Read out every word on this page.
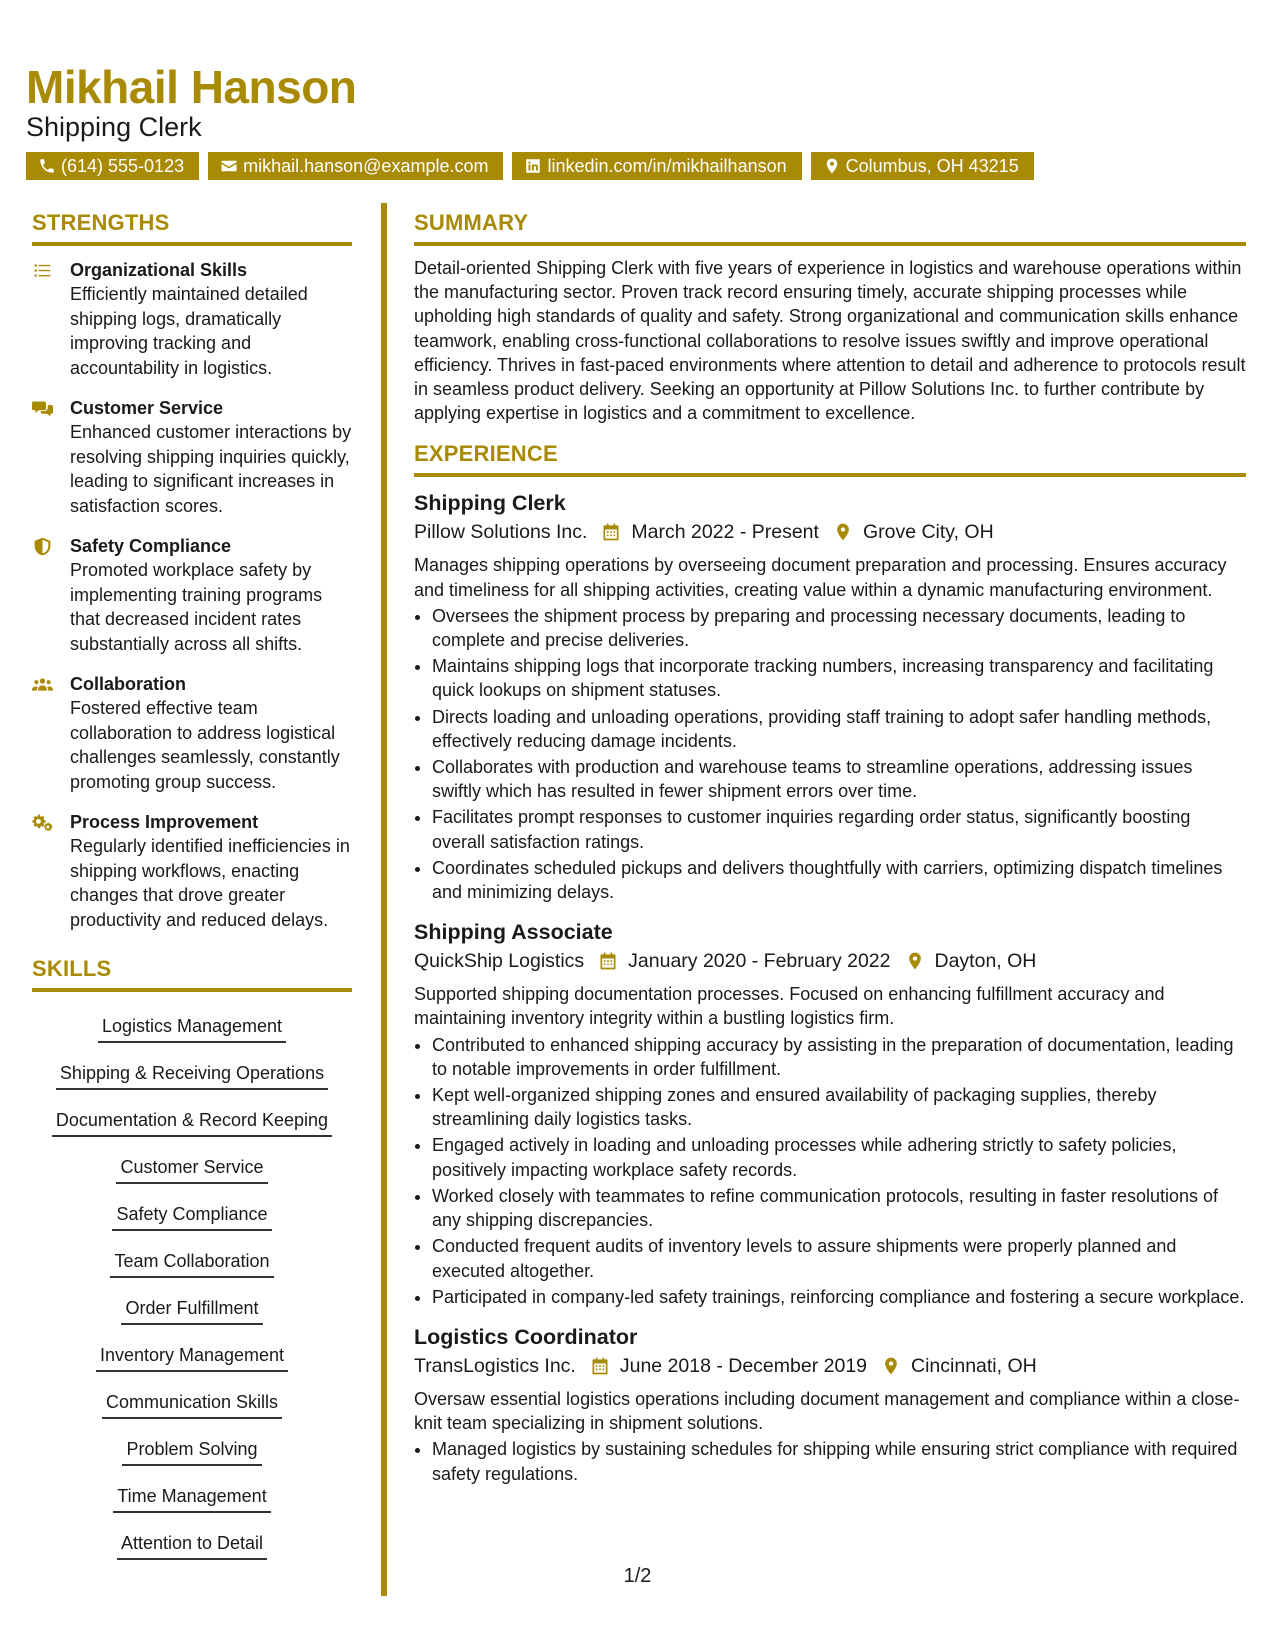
Mikhail Hanson
Shipping Clerk
(614) 555-0123	mikhail.hanson@example.com	linkedin.com/in/mikhailhanson	Columbus, OH 43215
STRENGTHS
Organizational Skills
Efficiently maintained detailed shipping logs, dramatically improving tracking and accountability in logistics.
Customer Service
Enhanced customer interactions by resolving shipping inquiries quickly, leading to significant increases in satisfaction scores.
Safety Compliance
Promoted workplace safety by implementing training programs that decreased incident rates substantially across all shifts.
Collaboration
Fostered effective team collaboration to address logistical challenges seamlessly, constantly promoting group success.
Process Improvement
Regularly identified inefficiencies in shipping workflows, enacting changes that drove greater productivity and reduced delays.
SKILLS
Logistics Management
Shipping & Receiving Operations
Documentation & Record Keeping
Customer Service
Safety Compliance
Team Collaboration
Order Fulfillment
Inventory Management
Communication Skills
Problem Solving
Time Management
Attention to Detail
SUMMARY
Detail-oriented Shipping Clerk with five years of experience in logistics and warehouse operations within the manufacturing sector. Proven track record ensuring timely, accurate shipping processes while upholding high standards of quality and safety. Strong organizational and communication skills enhance teamwork, enabling cross-functional collaborations to resolve issues swiftly and improve operational efficiency. Thrives in fast-paced environments where attention to detail and adherence to protocols result in seamless product delivery. Seeking an opportunity at Pillow Solutions Inc. to further contribute by applying expertise in logistics and a commitment to excellence.
EXPERIENCE
Shipping Clerk
Pillow Solutions Inc. March 2022 - Present Grove City, OH
Manages shipping operations by overseeing document preparation and processing. Ensures accuracy and timeliness for all shipping activities, creating value within a dynamic manufacturing environment.
• Oversees the shipment process by preparing and processing necessary documents, leading to complete and precise deliveries.
• Maintains shipping logs that incorporate tracking numbers, increasing transparency and facilitating quick lookups on shipment statuses.
• Directs loading and unloading operations, providing staff training to adopt safer handling methods, effectively reducing damage incidents.
• Collaborates with production and warehouse teams to streamline operations, addressing issues swiftly which has resulted in fewer shipment errors over time.
• Facilitates prompt responses to customer inquiries regarding order status, significantly boosting overall satisfaction ratings.
• Coordinates scheduled pickups and delivers thoughtfully with carriers, optimizing dispatch timelines and minimizing delays.
Shipping Associate
QuickShip Logistics January 2020 - February 2022 Dayton, OH
Supported shipping documentation processes. Focused on enhancing fulfillment accuracy and maintaining inventory integrity within a bustling logistics firm.
• Contributed to enhanced shipping accuracy by assisting in the preparation of documentation, leading to notable improvements in order fulfillment.
• Kept well-organized shipping zones and ensured availability of packaging supplies, thereby streamlining daily logistics tasks.
• Engaged actively in loading and unloading processes while adhering strictly to safety policies, positively impacting workplace safety records.
• Worked closely with teammates to refine communication protocols, resulting in faster resolutions of any shipping discrepancies.
• Conducted frequent audits of inventory levels to assure shipments were properly planned and executed altogether.
• Participated in company-led safety trainings, reinforcing compliance and fostering a secure workplace.
Logistics Coordinator
TransLogistics Inc. June 2018 - December 2019 Cincinnati, OH
Oversaw essential logistics operations including document management and compliance within a close-knit team specializing in shipment solutions.
• Managed logistics by sustaining schedules for shipping while ensuring strict compliance with required safety regulations.
1/2
